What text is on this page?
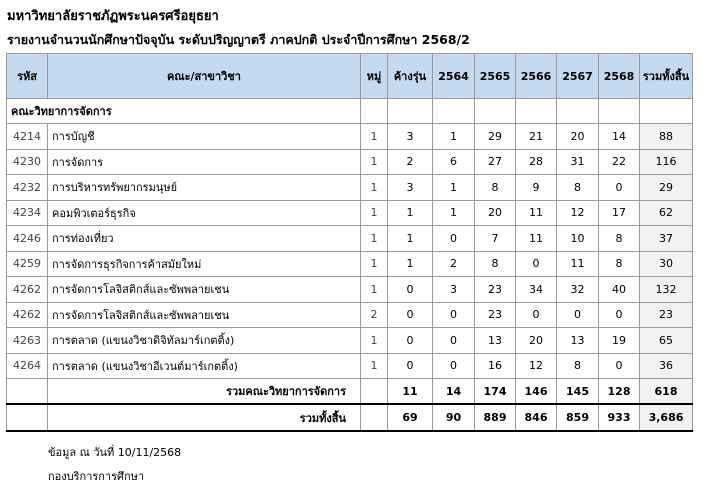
มหาวิทยาลัยราชภัฏพระนครศรีอยุธยา
รายงานจำนวนนักศึกษาปัจจุบัน ระดับปริญญาตรี ภาคปกติ ประจำปีการศึกษา 2568/2
รหัส	คณะ/สาขาวิชา	หมู่	ค้างรุ่น	2564	2565	2566	2567	2568	รวมทั้งสิ้น
คณะวิทยาการจัดการ									
4214	การบัญชี	1	3	1	29	21	20	14	88
4230	การจัดการ	1	2	6	27	28	31	22	116
4232	การบริหารทรัพยากรมนุษย์	1	3	1	8	9	8	0	29
4234	คอมพิวเตอร์ธุรกิจ	1	1	1	20	11	12	17	62
4246	การท่องเที่ยว	1	1	0	7	11	10	8	37
4259	การจัดการธุรกิจการค้าสมัยใหม่	1	1	2	8	0	11	8	30
4262	การจัดการโลจิสติกส์และซัพพลายเชน	1	0	3	23	34	32	40	132
4262	การจัดการโลจิสติกส์และซัพพลายเชน	2	0	0	23	0	0	0	23
4263	การตลาด (แขนงวิชาดิจิทัลมาร์เกตติ้ง)	1	0	0	13	20	13	19	65
4264	การตลาด (แขนงวิชาอีเวนต์มาร์เกตติ้ง)	1	0	0	16	12	8	0	36
	รวมคณะวิทยาการจัดการ		11	14	174	146	145	128	618
	รวมทั้งสิ้น		69	90	889	846	859	933	3,686
ข้อมูล ณ วันที่ 10/11/2568
กองบริการการศึกษา
